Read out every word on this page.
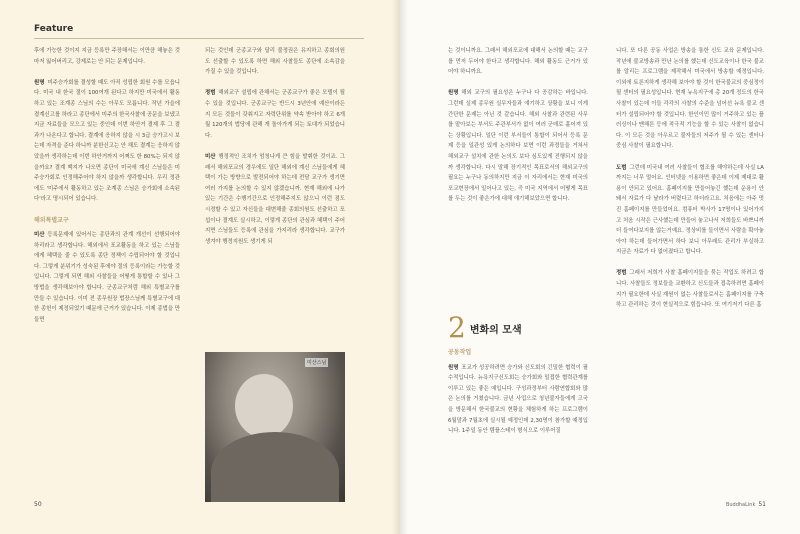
Feature

후에 가능한 것이지 지금 등록만 주장해서는 이만큼 해놓은 것 마저 잃어버리고, 강제로는 안 되는 문제입니다.

원명 미주승가회를 결성할 때도 아직 성립한 회원 수를 모읍니다. 미국 내 한국 절이 100여개 된다고 하지만 미국에서 활동하고 있는 조계종 스님의 수는 아무도 모릅니다. 작년 가을에 결계신고를 하라고 종단에서 미주의 한국사찰에 공문을 보냈고 지금 자료들을 모으고 있는 중인데 이번 하안거 결제 후 그 결과가 나온다고 합니다. 결계에 응하지 않을 시 3급 승가고시 보는데 자격을 준다 하니까 분한신고는 안 해도 결계는 응하지 않았을까 생각하는데 이번 하안거까지 어쩌도 한 80%는 되지 않을까요? 결계 백지가 나오면 종단이 미국에 계신 스님들은 미주승가회로 인정해주어야 하지 않을까 생각합니다. 우리 정관에도 '미주에서 활동하고 있는 조계종 스님은 승가회에 소속된다'라고 명시되어 있습니다.

해외특별교구
미산 등록문제에 있어서는 종단과의 관계 개선이 선행되어야 하리라고 생각합니다. 해외에서 포교활동을 하고 있는 스님들에게 혜택을 줄 수 있도록 종단 정책이 수립되어야 할 것입니다. 그렇게 분위기가 성숙된 후에야 절의 등록이라는 가능할 것입니다. 그렇게 되면 해외 사찰들을 어떻게 통합할 수 있나 그 방법을 생각해보아야 합니다. 군종교구처럼 해외 특별교구를 만들 수 있습니다. 이미 전 종무원장 법장스님께 특별교구에 대한 종헌이 제정되었기 때문에 근거가 있습니다. 이제 종법을 만들면

되는 것인데 군종교구와 달리 불정권은 유지하고 종회의원도 선출할 수 있도록 하면 해외 사찰들도 종단에 소속감을 가질 수 있을 것입니다.

정범 해외교구 설립에 관해서는 군종교구가 좋은 모델이 될 수 있을 것입니다. 군종교구는 반드시 3년안에 예산이라든지 모든 것들이 갖춰지고 자력단위를 약속 받아야 하고 6개월 120개의 법당에 관해 개 돌아가게 되는 토대가 되었습니다.

미산 행정적인 조치가 엄청나게 큰 힘을 발휘한 것이죠. 그래서 해외포교의 경우에도 일단 해외에 계신 스님들에게 혜택이 가는 방향으로 발전되어야 하는데 전담 교구가 생기면 여러 가지를 논의할 수 있지 않겠습니까. 현재 해외에 나가 있는 기간은 수행기간으로 인정해주지도 않으니 이런 점도 시정할 수 있고 자신들을 대변해줄 종회의원도 선출하고 포섭이나 결계도 실시하고, 이렇게 종단의 관심과 혜택이 주어지면 스님들도 등록에 관심을 가지리라 생각합니다. 교구가 생겨야 행정지원도 생기게 되

미산스님
50

는 것이니까요. 그래서 해외포교에 대해서 논의할 때는 교구를 먼저 두어야 한다고 생각합니다. 해외 활동도 근거가 있어야 하니까요.

원명 해외 교구의 필요성은 누구나 다 공감하는 바입니다. 그런데 실제 종무원 실무자들과 얘기하고 상황을 보니 이게 간단한 문제는 아닌 것 같습니다. 해외 사찰과 관련된 사무를 맡아보는 부서도 주관부서가 없이 여러 군데로 흩어져 있는 상황입니다. 일단 이런 부서들이 통합이 되어서 등록 문제 등을 일관성 있게 논의하다 보면 이런 과정들을 거쳐서 해외교구 설치에 관한 논의도 보다 심도있게 진행되지 않을까 생각합니다. 다시 말해 장기적인 목표로서의 해외교구의 필요는 누구나 동의하지만 지금 이 자리에서는 현재 미국의 포교현장에서 일어나고 있는, 즉 미국 지역에서 어떻게 목표를 두는 것이 좋은가에 대해 얘기해보았으면 합니다.

2 변화의 모색
공동작업

원명 포교가 성공하려면 승가와 신도회의 긴밀한 협력이 필수적입니다. 뉴욕지구신도회는 승가회와 밀접한 협력관계를 이루고 있는 좋은 예입니다. 구성과정부터 사람연합회와 많은 논의를 거쳤습니다. 금년 사업으로 청년불자들에게 고국을 방문해서 한국불교의 현황을 체험하게 하는 프로그램이 6월말과 7월초에 실시될 예정인데 2,30명이 참가할 예정입니다. 1주일 동안 템플스테이 형식으로 이루어질

니다. 또 다른 공동 사업은 방송을 통한 신도 교육 문제입니다. 작년에 불교방송과 만난 논의를 했는데 신도교육이나 한국 불교를 알리는 프로그램을 제작해서 미국에서 방송할 예정입니다. 이외에 토론지하게 생각해 보아야 할 것이 한국불교의 중심정이 될 센터의 필요성입니다. 현재 뉴욕지구에 총 20개 정도의 한국 사찰이 있는데 이들 각각의 사찰의 수준을 넘어선 뉴욕 불교 센터가 설립되어야 할 것입니다. 한인이민 많이 거주하고 있는 플러싱이나 맨해튼 등에 적극적 기능을 할 수 있는 사찰이 없습니다. 이 모든 것을 아우르고 불자들의 저주가 될 수 있는 센터나 중심 사찰이 필요합니다.

도범 그런데 미국내 여러 사찰들이 협조를 해야하는데 사실 LA까지는 너무 멀어요. 인터넷을 이용하면 좋은데 이제 제대로 활용이 안되고 있어요. 홈페이지를 만들어놓긴 했는데 운용이 안돼서 자료가 다 날라가 버렸다고 하더라고요. 처음에는 아주 멋진 홈페이지를 만들었어요. 컴퓨터 박사가 17명이나 있어가지고 처음 시작은 근사했는데 만들어 놓고나서 저희들도 바쁘니까 더 들여다보지를 않는거예요. 정상비를 들이면서 사람을 확아놓아야 하는데 들어가면서 하다 보니 아무래도 관리가 부실하고 지금은 자료가 다 없어졌다고 합니다.

정범 그래서 저희가 사찰 홈페이지들을 묶는 작업도 하려고 합니다. 사찰들도 정보들을 교환하고 신도들과 접촉하려면 홈페이지가 필요한데 사실 재원이 없는 사찰들로서는 홈페이지를 구축하고 관리하는 것이 현실적으로 힘듭니다. 또 여기저기 다른 홈

BuddhaLink 51
